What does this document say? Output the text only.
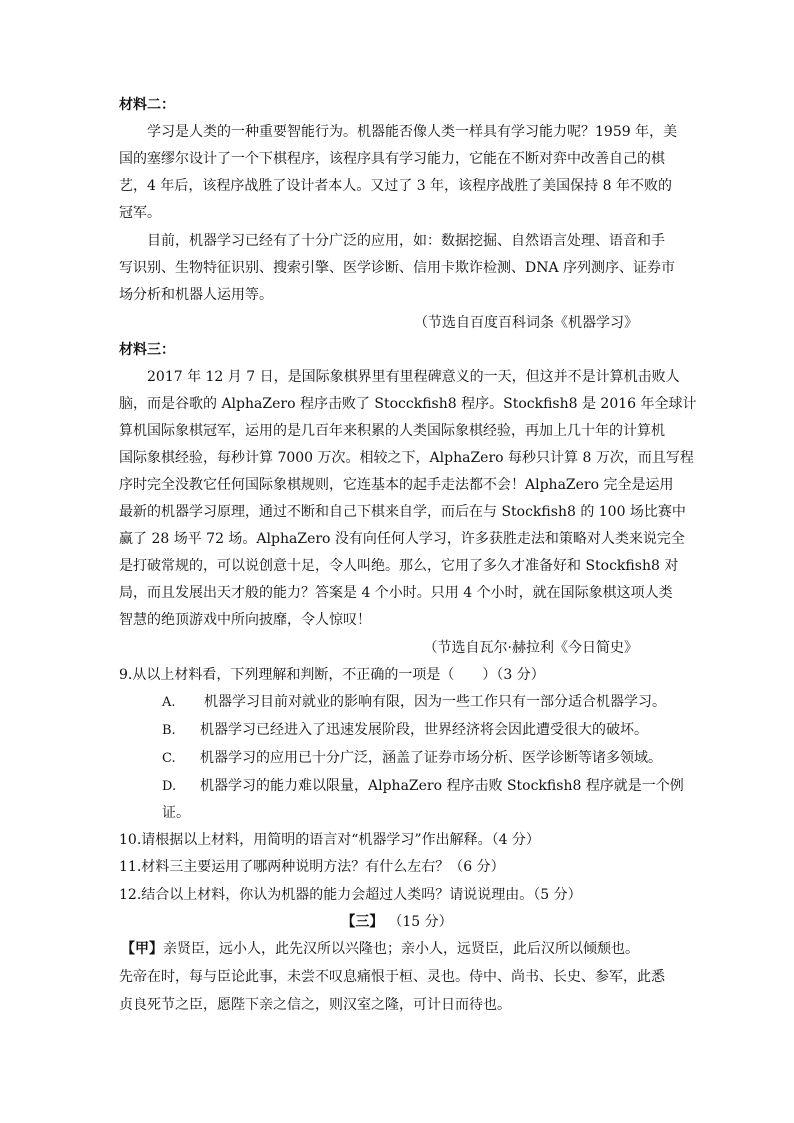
材料二：
学习是人类的一种重要智能行为。机器能否像人类一样具有学习能力呢？1959 年，美
国的塞缪尔设计了一个下棋程序，该程序具有学习能力，它能在不断对弈中改善自己的棋
艺，4 年后，该程序战胜了设计者本人。又过了 3 年，该程序战胜了美国保持 8 年不败的
冠军。
目前，机器学习已经有了十分广泛的应用，如：数据挖掘、自然语言处理、语音和手
写识别、生物特征识别、搜索引擎、医学诊断、信用卡欺诈检测、DNA 序列测序、证券市
场分析和机器人运用等。
（节选自百度百科词条《机器学习》
材料三：
2017 年 12 月 7 日，是国际象棋界里有里程碑意义的一天，但这并不是计算机击败人
脑，而是谷歌的 AlphaZero 程序击败了 Stocckfish8 程序。Stockfish8 是 2016 年全球计
算机国际象棋冠军，运用的是几百年来积累的人类国际象棋经验，再加上几十年的计算机
国际象棋经验，每秒计算 7000 万次。相较之下，AlphaZero 每秒只计算 8 万次，而且写程
序时完全没教它任何国际象棋规则，它连基本的起手走法都不会！AlphaZero 完全是运用
最新的机器学习原理，通过不断和自己下棋来自学，而后在与 Stockfish8 的 100 场比赛中
赢了 28 场平 72 场。AlphaZero 没有向任何人学习，许多获胜走法和策略对人类来说完全
是打破常规的，可以说创意十足，令人叫绝。那么，它用了多久才准备好和 Stockfish8 对
局，而且发展出天才般的能力？答案是 4 个小时。只用 4 个小时，就在国际象棋这项人类
智慧的绝顶游戏中所向披靡，令人惊叹！
（节选自瓦尔·赫拉利《今日简史》
9.从以上材料看，下列理解和判断，不正确的一项是（　　）（3 分）
A. 机器学习目前对就业的影响有限，因为一些工作只有一部分适合机器学习。
B. 机器学习已经进入了迅速发展阶段，世界经济将会因此遭受很大的破坏。
C. 机器学习的应用已十分广泛，涵盖了证券市场分析、医学诊断等诸多领域。
D. 机器学习的能力难以限量，AlphaZero 程序击败 Stockfish8 程序就是一个例
证。
10.请根据以上材料，用简明的语言对“机器学习”作出解释。（4 分）
11.材料三主要运用了哪两种说明方法？有什么左右？（6 分）
12.结合以上材料，你认为机器的能力会超过人类吗？请说说理由。（5 分）
【三】 （15 分）
【甲】亲贤臣，远小人，此先汉所以兴隆也；亲小人，远贤臣，此后汉所以倾颓也。
先帝在时，每与臣论此事，未尝不叹息痛恨于桓、灵也。侍中、尚书、长史、参军，此悉
贞良死节之臣，愿陛下亲之信之，则汉室之隆，可计日而待也。
